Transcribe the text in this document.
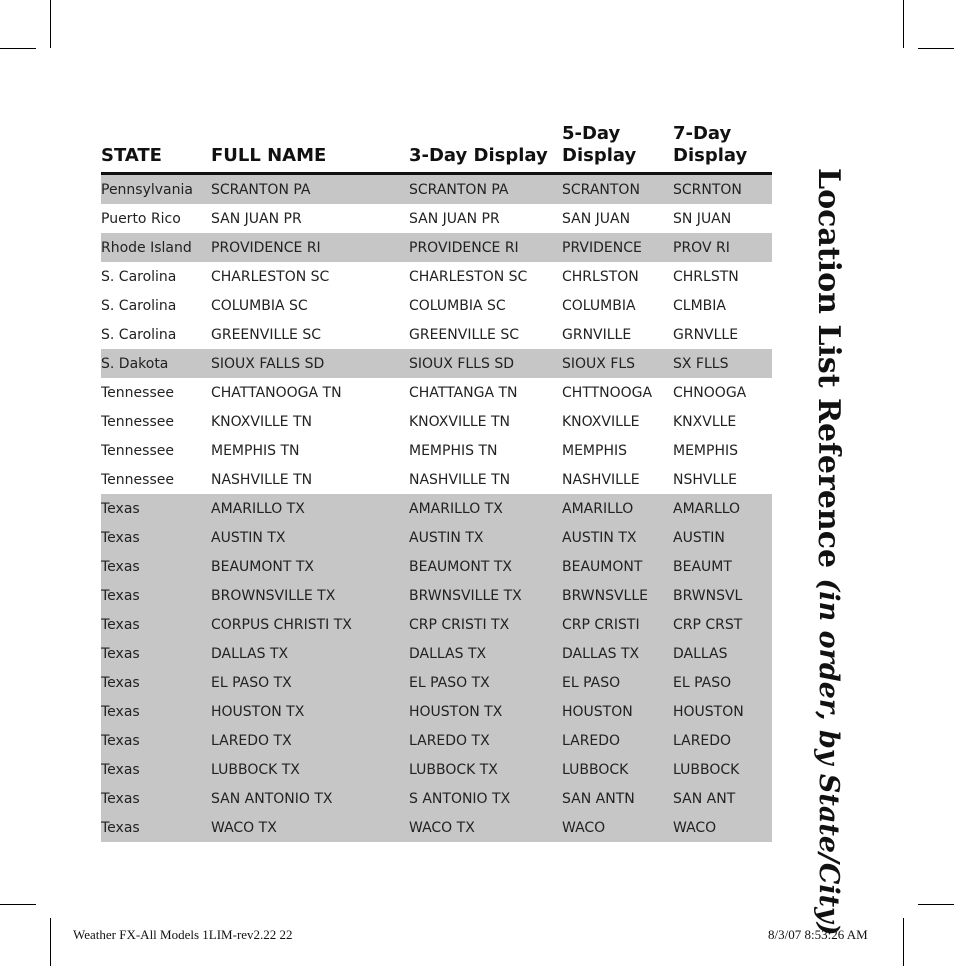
STATE	FULL NAME	3-Day Display	5-Day Display	7-Day Display
Pennsylvania	SCRANTON PA	SCRANTON PA	SCRANTON	SCRNTON
Puerto Rico	SAN JUAN PR	SAN JUAN PR	SAN JUAN	SN JUAN
Rhode Island	PROVIDENCE RI	PROVIDENCE RI	PRVIDENCE	PROV RI
S. Carolina	CHARLESTON SC	CHARLESTON SC	CHRLSTON	CHRLSTN
S. Carolina	COLUMBIA SC	COLUMBIA SC	COLUMBIA	CLMBIA
S. Carolina	GREENVILLE SC	GREENVILLE SC	GRNVILLE	GRNVLLE
S. Dakota	SIOUX FALLS SD	SIOUX FLLS SD	SIOUX FLS	SX FLLS
Tennessee	CHATTANOOGA TN	CHATTANGA TN	CHTTNOOGA	CHNOOGA
Tennessee	KNOXVILLE TN	KNOXVILLE TN	KNOXVILLE	KNXVLLE
Tennessee	MEMPHIS TN	MEMPHIS TN	MEMPHIS	MEMPHIS
Tennessee	NASHVILLE TN	NASHVILLE TN	NASHVILLE	NSHVLLE
Texas	AMARILLO TX	AMARILLO TX	AMARILLO	AMARLLO
Texas	AUSTIN TX	AUSTIN TX	AUSTIN TX	AUSTIN
Texas	BEAUMONT TX	BEAUMONT TX	BEAUMONT	BEAUMT
Texas	BROWNSVILLE TX	BRWNSVILLE TX	BRWNSVLLE	BRWNSVL
Texas	CORPUS CHRISTI TX	CRP CRISTI TX	CRP CRISTI	CRP CRST
Texas	DALLAS TX	DALLAS TX	DALLAS TX	DALLAS
Texas	EL PASO TX	EL PASO TX	EL PASO	EL PASO
Texas	HOUSTON TX	HOUSTON TX	HOUSTON	HOUSTON
Texas	LAREDO TX	LAREDO TX	LAREDO	LAREDO
Texas	LUBBOCK TX	LUBBOCK TX	LUBBOCK	LUBBOCK
Texas	SAN ANTONIO TX	S ANTONIO TX	SAN ANTN	SAN ANT
Texas	WACO TX	WACO TX	WACO	WACO
Location List Reference (in order, by State/City)
Weather FX-All Models 1LIM-rev2.22 22	8/3/07 8:53:26 AM
